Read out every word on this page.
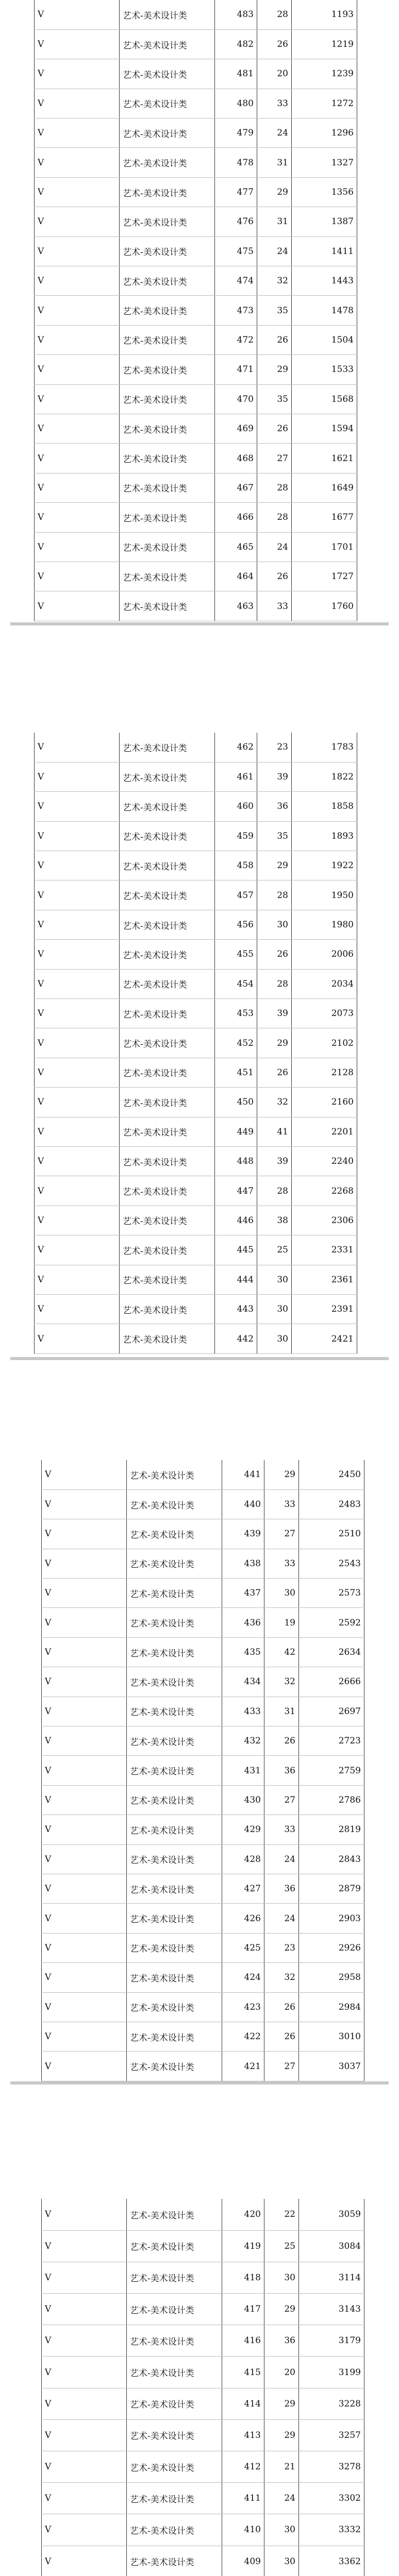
V	艺术-美术设计类	483	28	1193
V	艺术-美术设计类	482	26	1219
V	艺术-美术设计类	481	20	1239
V	艺术-美术设计类	480	33	1272
V	艺术-美术设计类	479	24	1296
V	艺术-美术设计类	478	31	1327
V	艺术-美术设计类	477	29	1356
V	艺术-美术设计类	476	31	1387
V	艺术-美术设计类	475	24	1411
V	艺术-美术设计类	474	32	1443
V	艺术-美术设计类	473	35	1478
V	艺术-美术设计类	472	26	1504
V	艺术-美术设计类	471	29	1533
V	艺术-美术设计类	470	35	1568
V	艺术-美术设计类	469	26	1594
V	艺术-美术设计类	468	27	1621
V	艺术-美术设计类	467	28	1649
V	艺术-美术设计类	466	28	1677
V	艺术-美术设计类	465	24	1701
V	艺术-美术设计类	464	26	1727
V	艺术-美术设计类	463	33	1760
V	艺术-美术设计类	462	23	1783
V	艺术-美术设计类	461	39	1822
V	艺术-美术设计类	460	36	1858
V	艺术-美术设计类	459	35	1893
V	艺术-美术设计类	458	29	1922
V	艺术-美术设计类	457	28	1950
V	艺术-美术设计类	456	30	1980
V	艺术-美术设计类	455	26	2006
V	艺术-美术设计类	454	28	2034
V	艺术-美术设计类	453	39	2073
V	艺术-美术设计类	452	29	2102
V	艺术-美术设计类	451	26	2128
V	艺术-美术设计类	450	32	2160
V	艺术-美术设计类	449	41	2201
V	艺术-美术设计类	448	39	2240
V	艺术-美术设计类	447	28	2268
V	艺术-美术设计类	446	38	2306
V	艺术-美术设计类	445	25	2331
V	艺术-美术设计类	444	30	2361
V	艺术-美术设计类	443	30	2391
V	艺术-美术设计类	442	30	2421
V	艺术-美术设计类	441	29	2450
V	艺术-美术设计类	440	33	2483
V	艺术-美术设计类	439	27	2510
V	艺术-美术设计类	438	33	2543
V	艺术-美术设计类	437	30	2573
V	艺术-美术设计类	436	19	2592
V	艺术-美术设计类	435	42	2634
V	艺术-美术设计类	434	32	2666
V	艺术-美术设计类	433	31	2697
V	艺术-美术设计类	432	26	2723
V	艺术-美术设计类	431	36	2759
V	艺术-美术设计类	430	27	2786
V	艺术-美术设计类	429	33	2819
V	艺术-美术设计类	428	24	2843
V	艺术-美术设计类	427	36	2879
V	艺术-美术设计类	426	24	2903
V	艺术-美术设计类	425	23	2926
V	艺术-美术设计类	424	32	2958
V	艺术-美术设计类	423	26	2984
V	艺术-美术设计类	422	26	3010
V	艺术-美术设计类	421	27	3037
V	艺术-美术设计类	420	22	3059
V	艺术-美术设计类	419	25	3084
V	艺术-美术设计类	418	30	3114
V	艺术-美术设计类	417	29	3143
V	艺术-美术设计类	416	36	3179
V	艺术-美术设计类	415	20	3199
V	艺术-美术设计类	414	29	3228
V	艺术-美术设计类	413	29	3257
V	艺术-美术设计类	412	21	3278
V	艺术-美术设计类	411	24	3302
V	艺术-美术设计类	410	30	3332
V	艺术-美术设计类	409	30	3362
